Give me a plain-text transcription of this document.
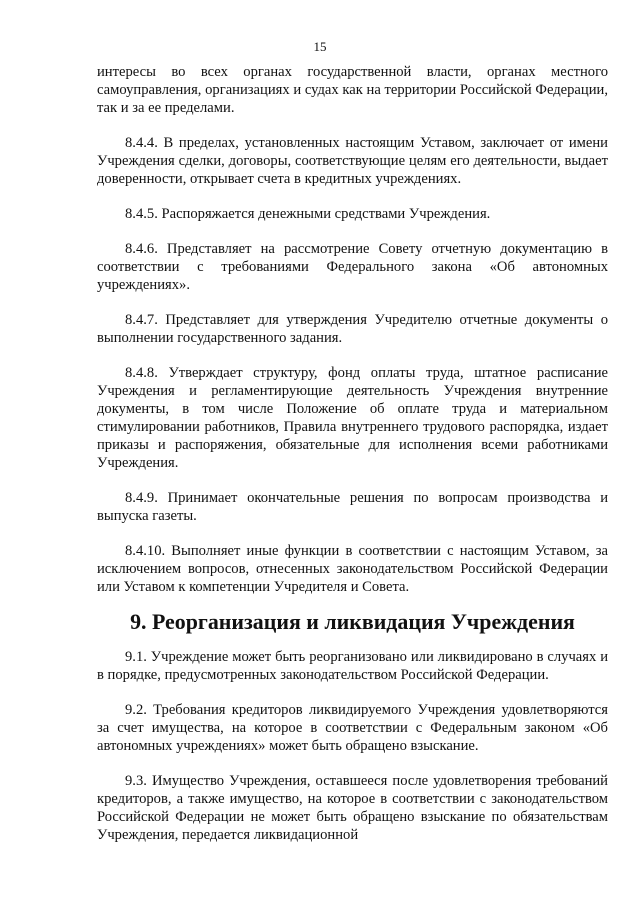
15

интересы во всех органах государственной власти, органах местного самоуправления, организациях и судах как на территории Российской Федерации, так и за ее пределами.

8.4.4. В пределах, установленных настоящим Уставом, заключает от имени Учреждения сделки, договоры, соответствующие целям его деятельности, выдает доверенности, открывает счета в кредитных учреждениях.

8.4.5. Распоряжается денежными средствами Учреждения.

8.4.6. Представляет на рассмотрение Совету отчетную документацию в соответствии с требованиями Федерального закона «Об автономных учреждениях».

8.4.7. Представляет для утверждения Учредителю отчетные документы о выполнении государственного задания.

8.4.8. Утверждает структуру, фонд оплаты труда, штатное расписание Учреждения и регламентирующие деятельность Учреждения внутренние документы, в том числе Положение об оплате труда и материальном стимулировании работников, Правила внутреннего трудового распорядка, издает приказы и распоряжения, обязательные для исполнения всеми работниками Учреждения.

8.4.9. Принимает окончательные решения по вопросам производства и выпуска газеты.

8.4.10. Выполняет иные функции в соответствии с настоящим Уставом, за исключением вопросов, отнесенных законодательством Российской Федерации или Уставом к компетенции Учредителя и Совета.

9. Реорганизация и ликвидация Учреждения

9.1. Учреждение может быть реорганизовано или ликвидировано в случаях и в порядке, предусмотренных законодательством Российской Федерации.

9.2. Требования кредиторов ликвидируемого Учреждения удовлетворяются за счет имущества, на которое в соответствии с Федеральным законом «Об автономных учреждениях» может быть обращено взыскание.

9.3. Имущество Учреждения, оставшееся после удовлетворения требований кредиторов, а также имущество, на которое в соответствии с законодательством Российской Федерации не может быть обращено взыскание по обязательствам Учреждения, передается ликвидационной
